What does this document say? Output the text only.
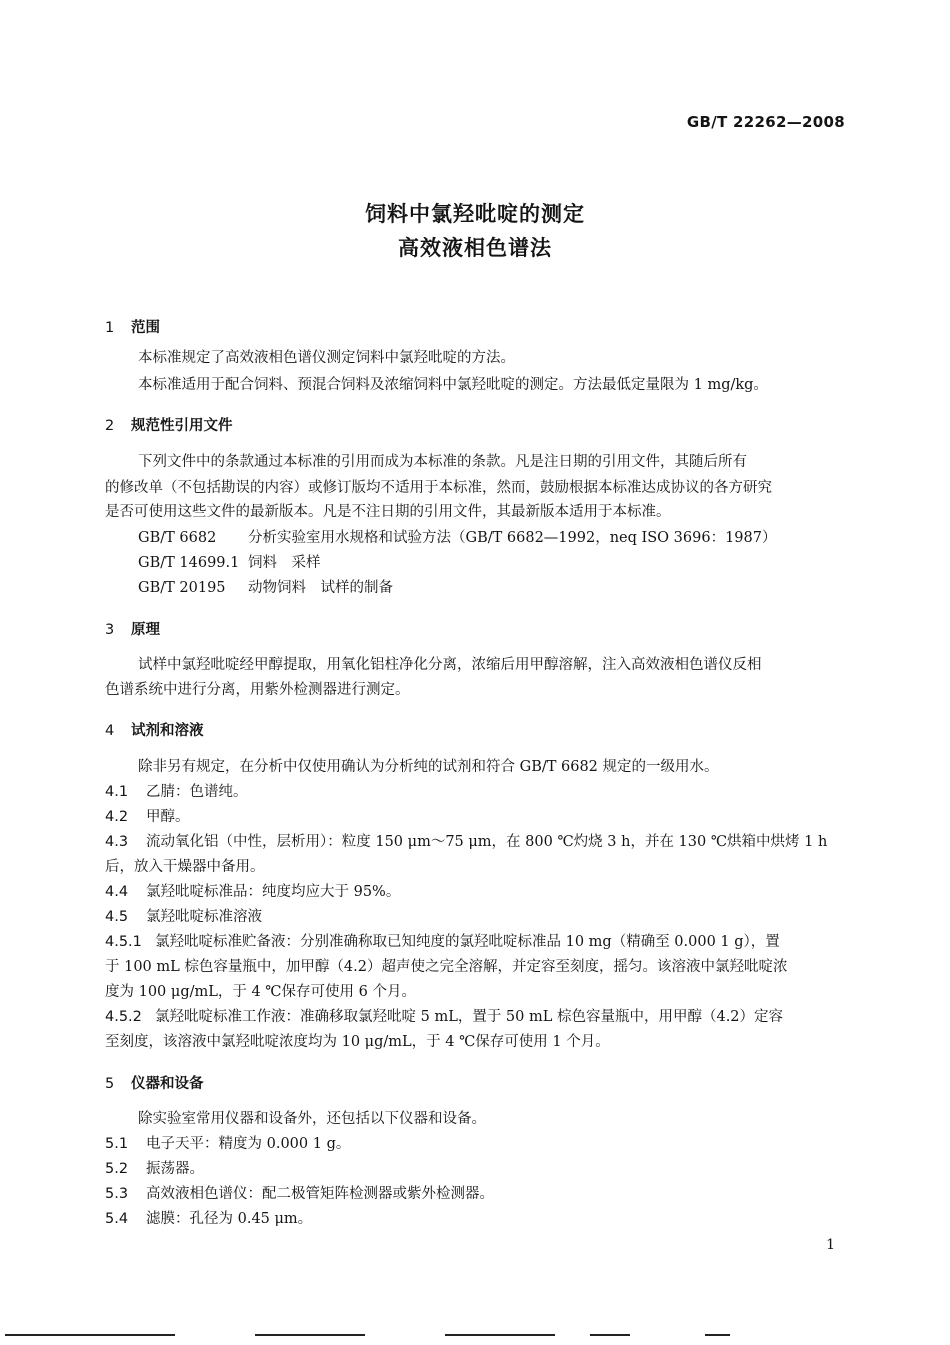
GB/T 22262—2008
饲料中氯羟吡啶的测定
高效液相色谱法
1 范围
本标准规定了高效液相色谱仪测定饲料中氯羟吡啶的方法。
本标准适用于配合饲料、预混合饲料及浓缩饲料中氯羟吡啶的测定。方法最低定量限为 1 mg/kg。
2 规范性引用文件
下列文件中的条款通过本标准的引用而成为本标准的条款。凡是注日期的引用文件，其随后所有
的修改单（不包括勘误的内容）或修订版均不适用于本标准，然而，鼓励根据本标准达成协议的各方研究
是否可使用这些文件的最新版本。凡是不注日期的引用文件，其最新版本适用于本标准。
GB/T 6682 分析实验室用水规格和试验方法（GB/T 6682—1992，neq ISO 3696：1987）
GB/T 14699.1 饲料　采样
GB/T 20195 动物饲料　试样的制备
3 原理
试样中氯羟吡啶经甲醇提取，用氧化铝柱净化分离，浓缩后用甲醇溶解，注入高效液相色谱仪反相
色谱系统中进行分离，用紫外检测器进行测定。
4 试剂和溶液
除非另有规定，在分析中仅使用确认为分析纯的试剂和符合 GB/T 6682 规定的一级用水。
4.1 乙腈：色谱纯。
4.2 甲醇。
4.3 流动氧化铝（中性，层析用）：粒度 150 μm～75 μm，在 800 ℃灼烧 3 h，并在 130 ℃烘箱中烘烤 1 h
后，放入干燥器中备用。
4.4 氯羟吡啶标准品：纯度均应大于 95%。
4.5 氯羟吡啶标准溶液
4.5.1 氯羟吡啶标准贮备液：分别准确称取已知纯度的氯羟吡啶标准品 10 mg（精确至 0.000 1 g），置
于 100 mL 棕色容量瓶中，加甲醇（4.2）超声使之完全溶解，并定容至刻度，摇匀。该溶液中氯羟吡啶浓
度为 100 μg/mL，于 4 ℃保存可使用 6 个月。
4.5.2 氯羟吡啶标准工作液：准确移取氯羟吡啶 5 mL，置于 50 mL 棕色容量瓶中，用甲醇（4.2）定容
至刻度，该溶液中氯羟吡啶浓度均为 10 μg/mL，于 4 ℃保存可使用 1 个月。
5 仪器和设备
除实验室常用仪器和设备外，还包括以下仪器和设备。
5.1 电子天平：精度为 0.000 1 g。
5.2 振荡器。
5.3 高效液相色谱仪：配二极管矩阵检测器或紫外检测器。
5.4 滤膜：孔径为 0.45 μm。
1
